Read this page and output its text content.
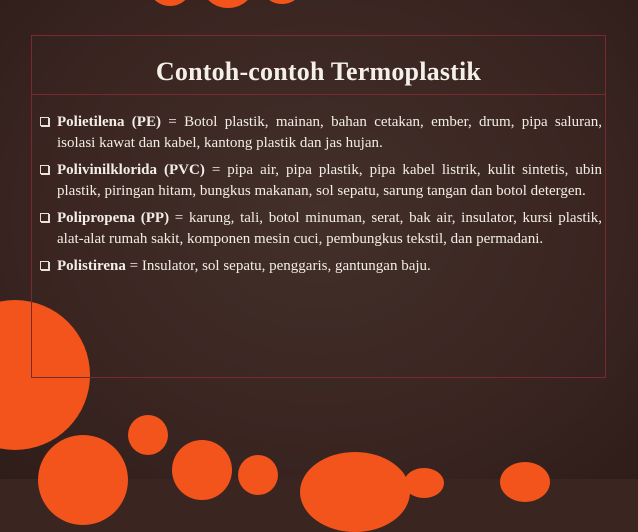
Contoh-contoh Termoplastik
Polietilena (PE) = Botol plastik, mainan, bahan cetakan, ember, drum, pipa saluran, isolasi kawat dan kabel, kantong plastik dan jas hujan.
Polivinilklorida (PVC) = pipa air, pipa plastik, pipa kabel listrik, kulit sintetis, ubin plastik, piringan hitam, bungkus makanan, sol sepatu, sarung tangan dan botol detergen.
Polipropena (PP) = karung, tali, botol minuman, serat, bak air, insulator, kursi plastik, alat-alat rumah sakit, komponen mesin cuci, pembungkus tekstil, dan permadani.
Polistirena = Insulator, sol sepatu, penggaris, gantungan baju.
